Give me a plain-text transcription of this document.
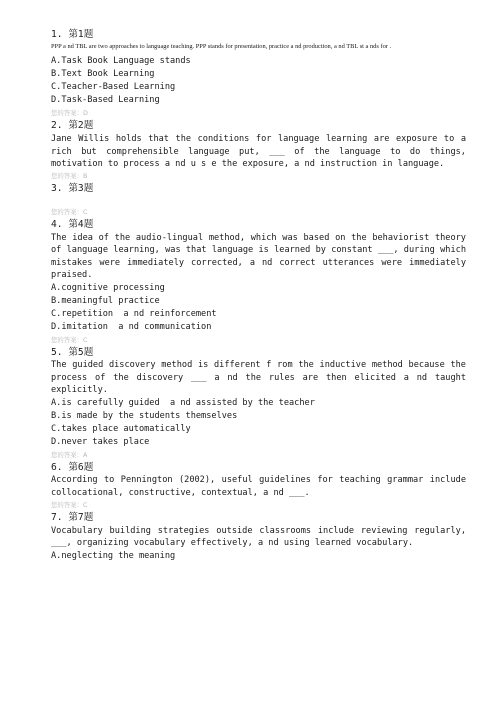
1. 第1题
PPP a nd TBL are two approaches to language teaching. PPP stands for presentation, practice a nd production, a nd TBL st a nds for .
A.Task Book Language stands
B.Text Book Learning
C.Teacher-Based Learning
D.Task-Based Learning
您的答案：D
2. 第2题
Jane Willis holds that the conditions for language learning are exposure to a rich but comprehensible language put, ___ of the language to do things, motivation to process a nd u s e the exposure, a nd instruction in language.
您的答案：B
3. 第3题
您的答案：C
4. 第4题
The idea of the audio-lingual method, which was based on the behaviorist theory of language learning, was that language is learned by constant ___, during which mistakes were immediately corrected, a nd correct utterances were immediately praised.
A.cognitive processing
B.meaningful practice
C.repetition  a nd reinforcement
D.imitation  a nd communication
您的答案：C
5. 第5题
The guided discovery method is different f rom the inductive method because the process of the discovery ___ a nd the rules are then elicited a nd taught explicitly.
A.is carefully guided  a nd assisted by the teacher
B.is made by the students themselves
C.takes place automatically
D.never takes place
您的答案：A
6. 第6题
According to Pennington (2002), useful guidelines for teaching grammar include collocational, constructive, contextual, a nd ___.
您的答案：C
7. 第7题
Vocabulary building strategies outside classrooms include reviewing regularly, ___, organizing vocabulary effectively, a nd using learned vocabulary.
A.neglecting the meaning
